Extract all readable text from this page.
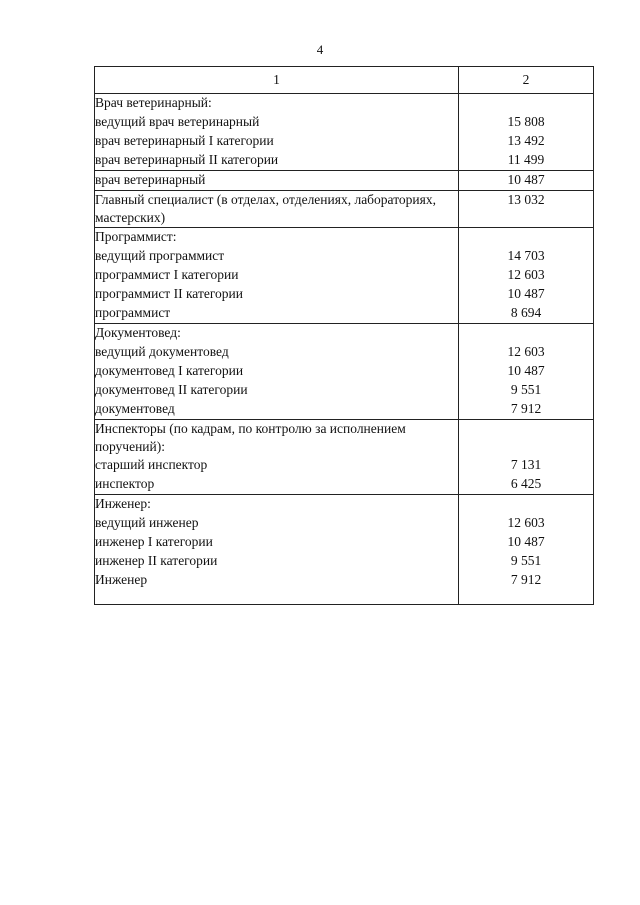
4
1	2
Врач ветеринарный:	
ведущий врач ветеринарный	15 808
врач ветеринарный I категории	13 492
врач ветеринарный II категории	11 499
врач ветеринарный	10 487
Главный специалист (в отделах, отделениях, лабораториях, мастерских)	13 032
Программист:	
ведущий программист	14 703
программист I категории	12 603
программист II категории	10 487
программист	8 694
Документовед:	
ведущий документовед	12 603
документовед I категории	10 487
документовед II категории	9 551
документовед	7 912
Инспекторы (по кадрам, по контролю за исполнением поручений):	
старший инспектор	7 131
инспектор	6 425
Инженер:	
ведущий инженер	12 603
инженер I категории	10 487
инженер II категории	9 551
Инженер	7 912
